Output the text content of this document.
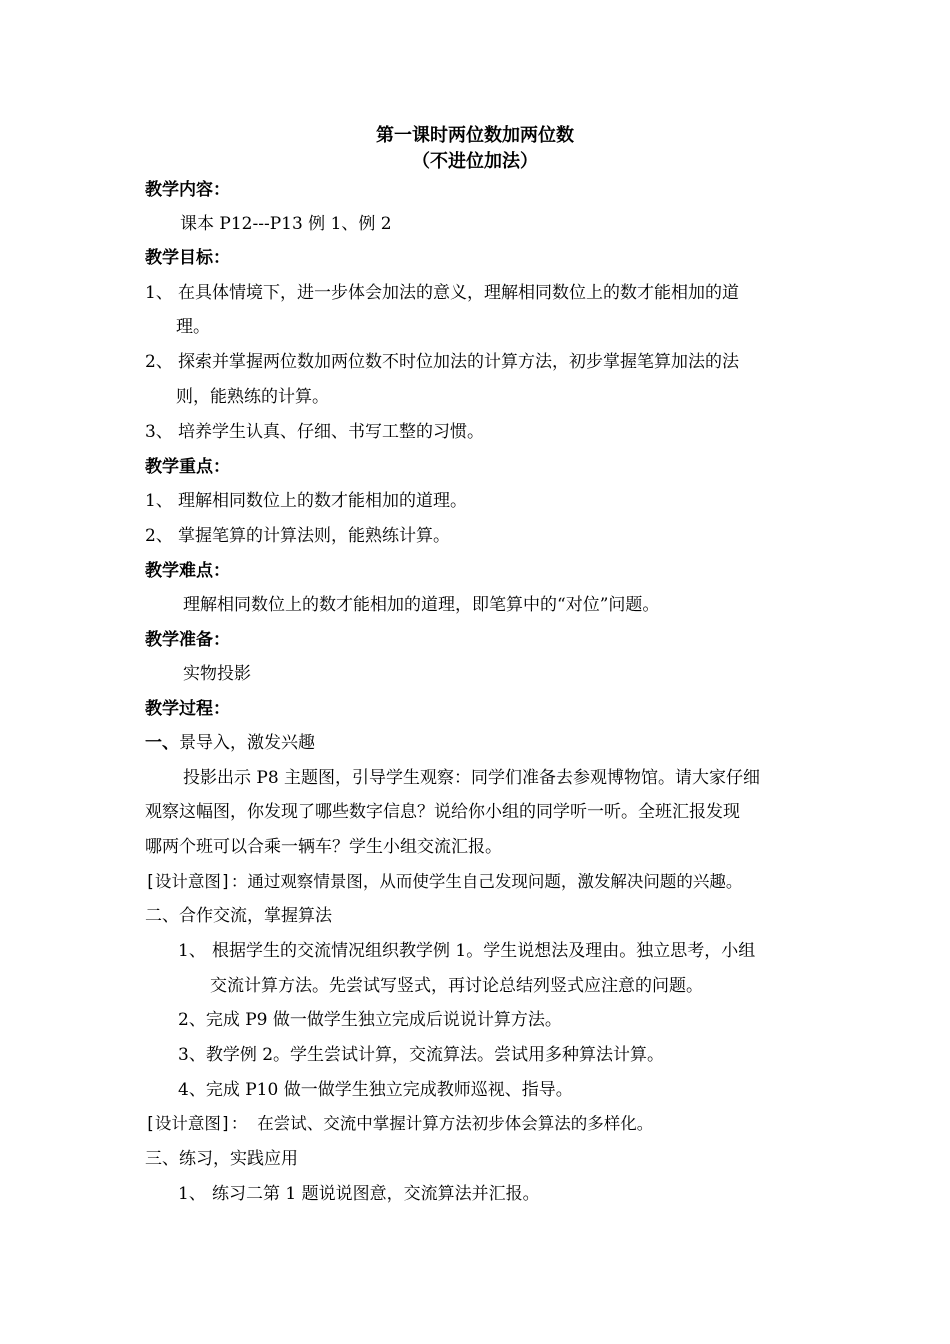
第一课时两位数加两位数
（不进位加法）
教学内容：
课本 P12---P13 例 1、例 2
教学目标：
1、 在具体情境下，进一步体会加法的意义，理解相同数位上的数才能相加的道
理。
2、 探索并掌握两位数加两位数不时位加法的计算方法，初步掌握笔算加法的法
则，能熟练的计算。
3、 培养学生认真、仔细、书写工整的习惯。
教学重点：
1、 理解相同数位上的数才能相加的道理。
2、 掌握笔算的计算法则，能熟练计算。
教学难点：
理解相同数位上的数才能相加的道理，即笔算中的“对位”问题。
教学准备：
实物投影
教学过程：
一、景导入，激发兴趣
投影出示 P8 主题图，引导学生观察：同学们准备去参观博物馆。请大家仔细
观察这幅图，你发现了哪些数字信息？说给你小组的同学听一听。全班汇报发现
哪两个班可以合乘一辆车？学生小组交流汇报。
[设计意图]：通过观察情景图，从而使学生自己发现问题，激发解决问题的兴趣。
二、合作交流，掌握算法
1、 根据学生的交流情况组织教学例 1。学生说想法及理由。独立思考，小组
交流计算方法。先尝试写竖式，再讨论总结列竖式应注意的问题。
2、完成 P9 做一做学生独立完成后说说计算方法。
3、教学例 2。学生尝试计算，交流算法。尝试用多种算法计算。
4、完成 P10 做一做学生独立完成教师巡视、指导。
[设计意图]： 在尝试、交流中掌握计算方法初步体会算法的多样化。
三、练习，实践应用
1、 练习二第 1 题说说图意，交流算法并汇报。
